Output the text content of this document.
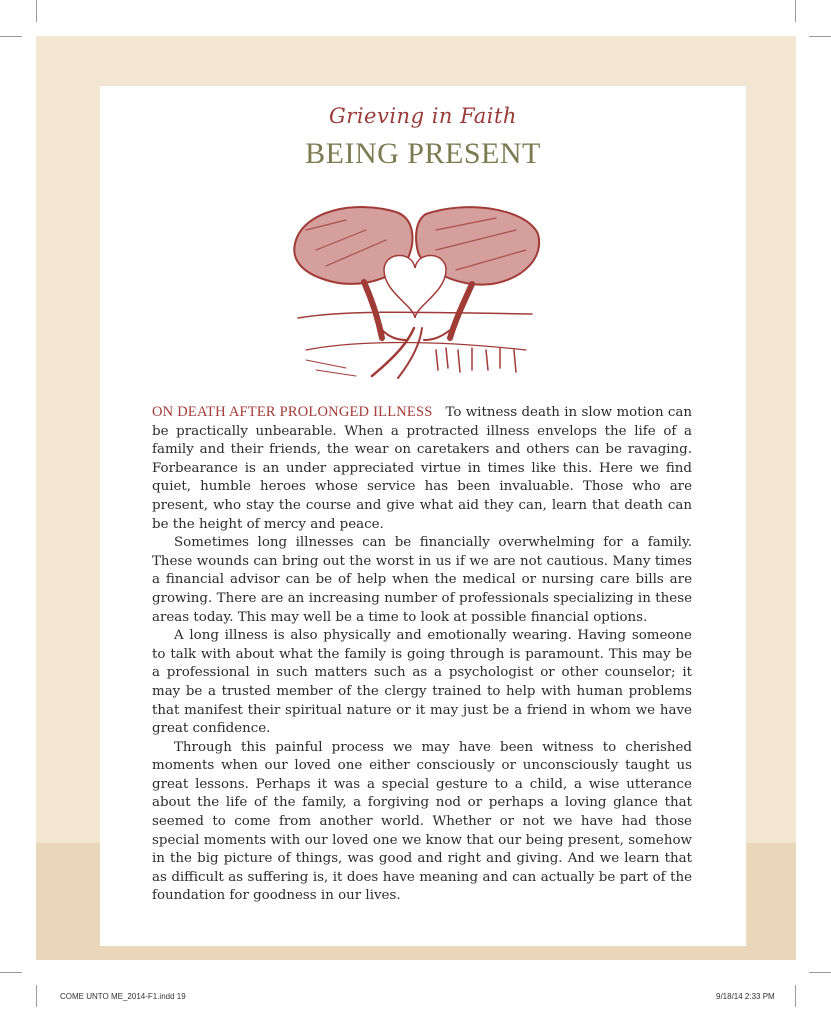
Grieving in Faith
BEING PRESENT

ON DEATH AFTER PROLONGED ILLNESS To witness death in slow motion can be practically unbearable. When a protracted illness envelops the life of a family and their friends, the wear on caretakers and others can be ravaging. Forbearance is an under appreciated virtue in times like this. Here we find quiet, humble heroes whose service has been invaluable. Those who are present, who stay the course and give what aid they can, learn that death can be the height of mercy and peace.

Sometimes long illnesses can be financially overwhelming for a family. These wounds can bring out the worst in us if we are not cautious. Many times a financial advisor can be of help when the medical or nursing care bills are growing. There are an increasing number of professionals specializing in these areas today. This may well be a time to look at possible financial options.

A long illness is also physically and emotionally wearing. Having someone to talk with about what the family is going through is paramount. This may be a professional in such matters such as a psychologist or other counselor; it may be a trusted member of the clergy trained to help with human problems that manifest their spiritual nature or it may just be a friend in whom we have great confidence.

Through this painful process we may have been witness to cherished moments when our loved one either consciously or unconsciously taught us great lessons. Perhaps it was a special gesture to a child, a wise utterance about the life of the family, a forgiving nod or perhaps a loving glance that seemed to come from another world. Whether or not we have had those special moments with our loved one we know that our being present, somehow in the big picture of things, was good and right and giving. And we learn that as difficult as suffering is, it does have meaning and can actually be part of the foundation for goodness in our lives.

COME UNTO ME_2014-F1.indd 19	9/18/14 2:33 PM
